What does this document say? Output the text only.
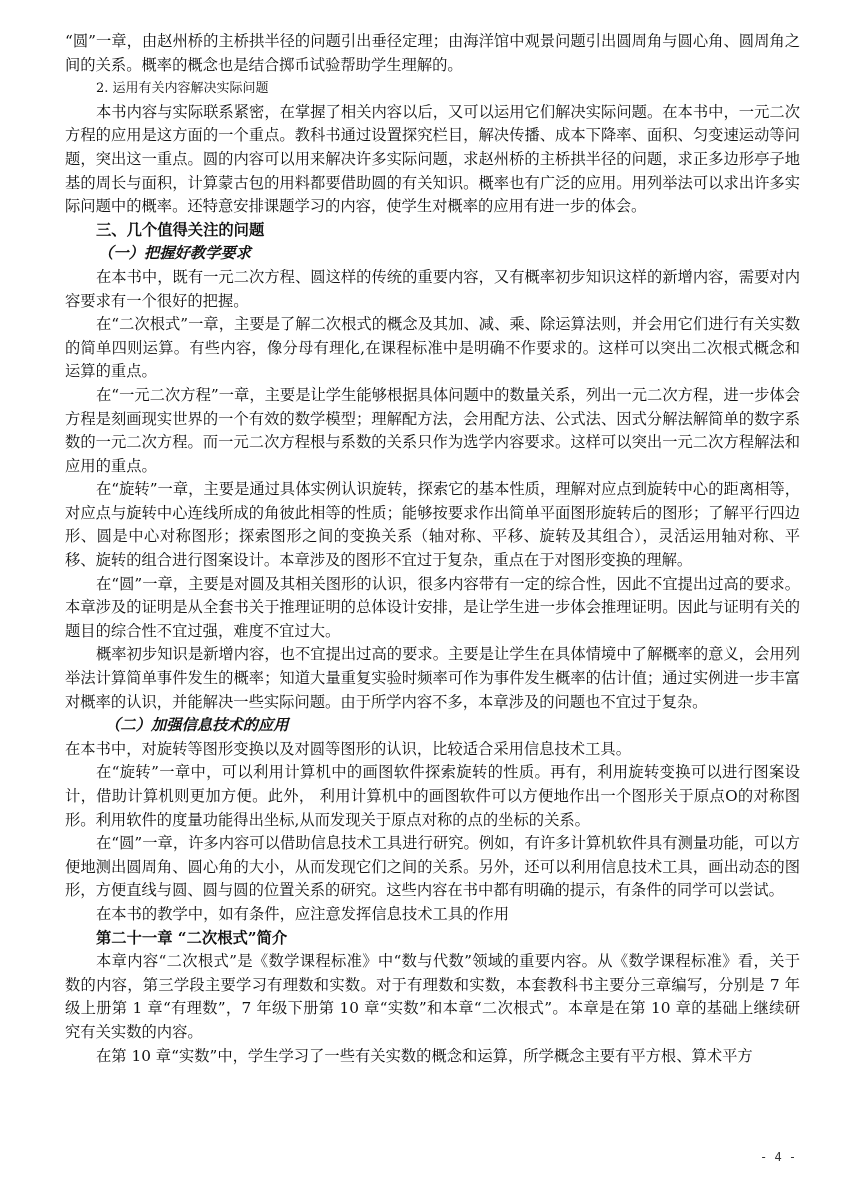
“圆”一章，由赵州桥的主桥拱半径的问题引出垂径定理；由海洋馆中观景问题引出圆周角与圆心角、圆周角之间的关系。概率的概念也是结合掷币试验帮助学生理解的。

2. 运用有关内容解决实际问题

本书内容与实际联系紧密，在掌握了相关内容以后，又可以运用它们解决实际问题。在本书中，一元二次方程的应用是这方面的一个重点。教科书通过设置探究栏目，解决传播、成本下降率、面积、匀变速运动等问题，突出这一重点。圆的内容可以用来解决许多实际问题，求赵州桥的主桥拱半径的问题，求正多边形亭子地基的周长与面积，计算蒙古包的用料都要借助圆的有关知识。概率也有广泛的应用。用列举法可以求出许多实际问题中的概率。还特意安排课题学习的内容，使学生对概率的应用有进一步的体会。

三、几个值得关注的问题

（一）把握好教学要求

在本书中，既有一元二次方程、圆这样的传统的重要内容，又有概率初步知识这样的新增内容，需要对内容要求有一个很好的把握。

在“二次根式”一章，主要是了解二次根式的概念及其加、减、乘、除运算法则，并会用它们进行有关实数的简单四则运算。有些内容，像分母有理化,在课程标准中是明确不作要求的。这样可以突出二次根式概念和运算的重点。

在“一元二次方程”一章，主要是让学生能够根据具体问题中的数量关系，列出一元二次方程，进一步体会方程是刻画现实世界的一个有效的数学模型；理解配方法，会用配方法、公式法、因式分解法解简单的数字系数的一元二次方程。而一元二次方程根与系数的关系只作为选学内容要求。这样可以突出一元二次方程解法和应用的重点。

在“旋转”一章，主要是通过具体实例认识旋转，探索它的基本性质，理解对应点到旋转中心的距离相等，对应点与旋转中心连线所成的角彼此相等的性质；能够按要求作出简单平面图形旋转后的图形；了解平行四边形、圆是中心对称图形；探索图形之间的变换关系（轴对称、平移、旋转及其组合），灵活运用轴对称、平移、旋转的组合进行图案设计。本章涉及的图形不宜过于复杂，重点在于对图形变换的理解。

在“圆”一章，主要是对圆及其相关图形的认识，很多内容带有一定的综合性，因此不宜提出过高的要求。本章涉及的证明是从全套书关于推理证明的总体设计安排，是让学生进一步体会推理证明。因此与证明有关的题目的综合性不宜过强，难度不宜过大。

概率初步知识是新增内容，也不宜提出过高的要求。主要是让学生在具体情境中了解概率的意义，会用列举法计算简单事件发生的概率；知道大量重复实验时频率可作为事件发生概率的估计值；通过实例进一步丰富对概率的认识，并能解决一些实际问题。由于所学内容不多，本章涉及的问题也不宜过于复杂。

（二）加强信息技术的应用

在本书中，对旋转等图形变换以及对圆等图形的认识，比较适合采用信息技术工具。

在“旋转”一章中，可以利用计算机中的画图软件探索旋转的性质。再有，利用旋转变换可以进行图案设计，借助计算机则更加方便。此外， 利用计算机中的画图软件可以方便地作出一个图形关于原点O的对称图形。利用软件的度量功能得出坐标,从而发现关于原点对称的点的坐标的关系。

在“圆”一章，许多内容可以借助信息技术工具进行研究。例如，有许多计算机软件具有测量功能，可以方便地测出圆周角、圆心角的大小，从而发现它们之间的关系。另外，还可以利用信息技术工具，画出动态的图形，方便直线与圆、圆与圆的位置关系的研究。这些内容在书中都有明确的提示，有条件的同学可以尝试。

在本书的教学中，如有条件，应注意发挥信息技术工具的作用

第二十一章 “二次根式”简介

本章内容“二次根式”是《数学课程标准》中“数与代数”领域的重要内容。从《数学课程标准》看，关于数的内容，第三学段主要学习有理数和实数。对于有理数和实数，本套教科书主要分三章编写，分别是 7 年级上册第 1 章“有理数”，7 年级下册第 10 章“实数”和本章“二次根式”。本章是在第 10 章的基础上继续研究有关实数的内容。

在第 10 章“实数”中，学生学习了一些有关实数的概念和运算，所学概念主要有平方根、算术平方

- 4 -
